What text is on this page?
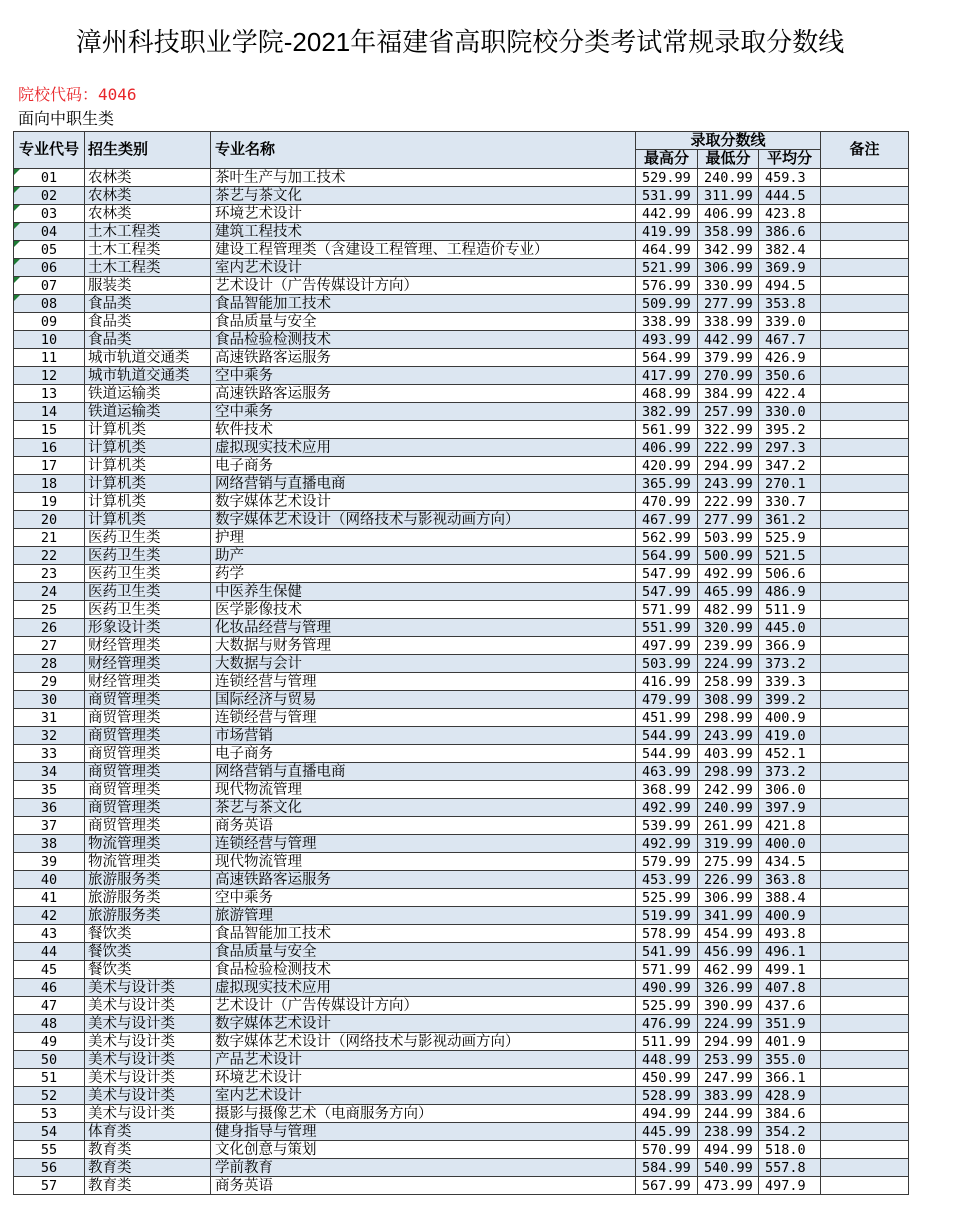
漳州科技职业学院-2021年福建省高职院校分类考试常规录取分数线
院校代码：4046
面向中职生类
专业代号	招生类别	专业名称	录取分数线			备注
			最高分	最低分	平均分	
01	农林类	茶叶生产与加工技术	529.99	240.99	459.3	
02	农林类	茶艺与茶文化	531.99	311.99	444.5	
03	农林类	环境艺术设计	442.99	406.99	423.8	
04	土木工程类	建筑工程技术	419.99	358.99	386.6	
05	土木工程类	建设工程管理类（含建设工程管理、工程造价专业）	464.99	342.99	382.4	
06	土木工程类	室内艺术设计	521.99	306.99	369.9	
07	服装类	艺术设计（广告传媒设计方向）	576.99	330.99	494.5	
08	食品类	食品智能加工技术	509.99	277.99	353.8	
09	食品类	食品质量与安全	338.99	338.99	339.0	
10	食品类	食品检验检测技术	493.99	442.99	467.7	
11	城市轨道交通类	高速铁路客运服务	564.99	379.99	426.9	
12	城市轨道交通类	空中乘务	417.99	270.99	350.6	
13	铁道运输类	高速铁路客运服务	468.99	384.99	422.4	
14	铁道运输类	空中乘务	382.99	257.99	330.0	
15	计算机类	软件技术	561.99	322.99	395.2	
16	计算机类	虚拟现实技术应用	406.99	222.99	297.3	
17	计算机类	电子商务	420.99	294.99	347.2	
18	计算机类	网络营销与直播电商	365.99	243.99	270.1	
19	计算机类	数字媒体艺术设计	470.99	222.99	330.7	
20	计算机类	数字媒体艺术设计（网络技术与影视动画方向）	467.99	277.99	361.2	
21	医药卫生类	护理	562.99	503.99	525.9	
22	医药卫生类	助产	564.99	500.99	521.5	
23	医药卫生类	药学	547.99	492.99	506.6	
24	医药卫生类	中医养生保健	547.99	465.99	486.9	
25	医药卫生类	医学影像技术	571.99	482.99	511.9	
26	形象设计类	化妆品经营与管理	551.99	320.99	445.0	
27	财经管理类	大数据与财务管理	497.99	239.99	366.9	
28	财经管理类	大数据与会计	503.99	224.99	373.2	
29	财经管理类	连锁经营与管理	416.99	258.99	339.3	
30	商贸管理类	国际经济与贸易	479.99	308.99	399.2	
31	商贸管理类	连锁经营与管理	451.99	298.99	400.9	
32	商贸管理类	市场营销	544.99	243.99	419.0	
33	商贸管理类	电子商务	544.99	403.99	452.1	
34	商贸管理类	网络营销与直播电商	463.99	298.99	373.2	
35	商贸管理类	现代物流管理	368.99	242.99	306.0	
36	商贸管理类	茶艺与茶文化	492.99	240.99	397.9	
37	商贸管理类	商务英语	539.99	261.99	421.8	
38	物流管理类	连锁经营与管理	492.99	319.99	400.0	
39	物流管理类	现代物流管理	579.99	275.99	434.5	
40	旅游服务类	高速铁路客运服务	453.99	226.99	363.8	
41	旅游服务类	空中乘务	525.99	306.99	388.4	
42	旅游服务类	旅游管理	519.99	341.99	400.9	
43	餐饮类	食品智能加工技术	578.99	454.99	493.8	
44	餐饮类	食品质量与安全	541.99	456.99	496.1	
45	餐饮类	食品检验检测技术	571.99	462.99	499.1	
46	美术与设计类	虚拟现实技术应用	490.99	326.99	407.8	
47	美术与设计类	艺术设计（广告传媒设计方向）	525.99	390.99	437.6	
48	美术与设计类	数字媒体艺术设计	476.99	224.99	351.9	
49	美术与设计类	数字媒体艺术设计（网络技术与影视动画方向）	511.99	294.99	401.9	
50	美术与设计类	产品艺术设计	448.99	253.99	355.0	
51	美术与设计类	环境艺术设计	450.99	247.99	366.1	
52	美术与设计类	室内艺术设计	528.99	383.99	428.9	
53	美术与设计类	摄影与摄像艺术（电商服务方向）	494.99	244.99	384.6	
54	体育类	健身指导与管理	445.99	238.99	354.2	
55	教育类	文化创意与策划	570.99	494.99	518.0	
56	教育类	学前教育	584.99	540.99	557.8	
57	教育类	商务英语	567.99	473.99	497.9	
